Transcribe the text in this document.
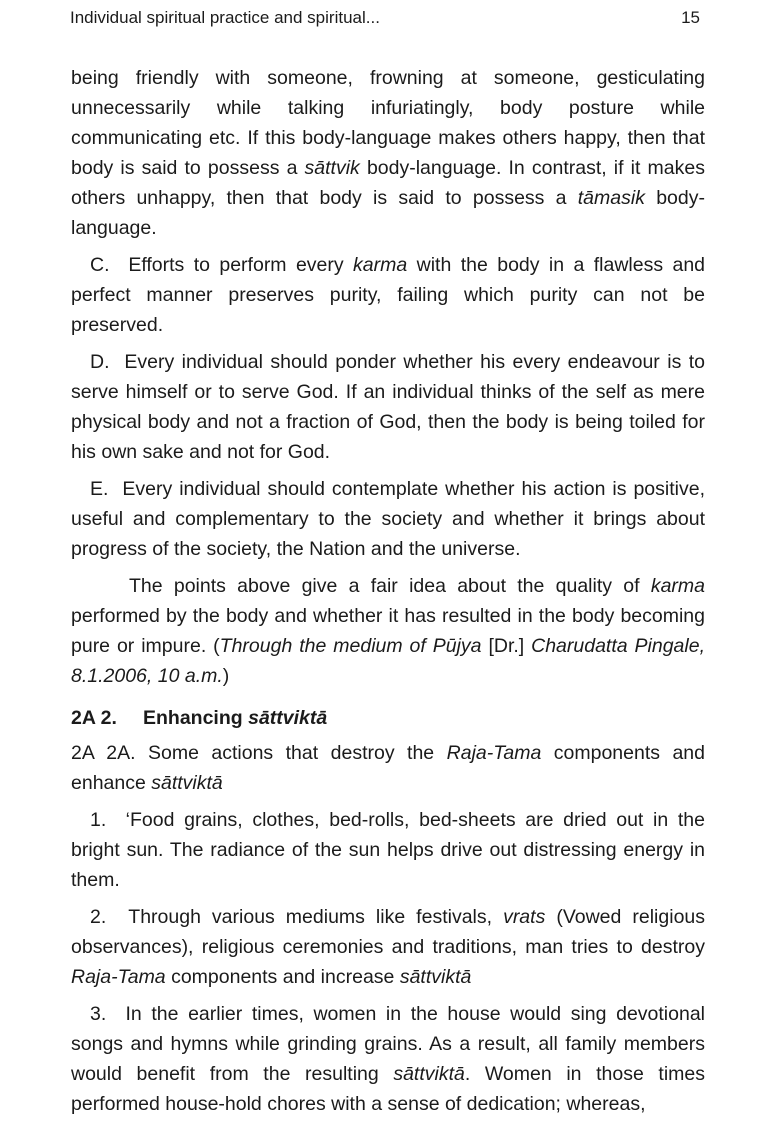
Individual spiritual practice and spiritual...	15

being friendly with someone, frowning at someone, gesticulating unnecessarily while talking infuriatingly, body posture while communicating etc. If this body-language makes others happy, then that body is said to possess a sāttvik body-language. In contrast, if it makes others unhappy, then that body is said to possess a tāmasik body-language.

C. Efforts to perform every karma with the body in a flawless and perfect manner preserves purity, failing which purity can not be preserved.

D. Every individual should ponder whether his every endeavour is to serve himself or to serve God. If an individual thinks of the self as mere physical body and not a fraction of God, then the body is being toiled for his own sake and not for God.

E. Every individual should contemplate whether his action is positive, useful and complementary to the society and whether it brings about progress of the society, the Nation and the universe.

The points above give a fair idea about the quality of karma performed by the body and whether it has resulted in the body becoming pure or impure. (Through the medium of Pūjya [Dr.] Charudatta Pingale, 8.1.2006, 10 a.m.)

2A 2. Enhancing sāttviktā

2A 2A. Some actions that destroy the Raja-Tama components and enhance sāttviktā

1. ‘Food grains, clothes, bed-rolls, bed-sheets are dried out in the bright sun. The radiance of the sun helps drive out distressing energy in them.

2. Through various mediums like festivals, vrats (Vowed religious observances), religious ceremonies and traditions, man tries to destroy Raja-Tama components and increase sāttviktā

3. In the earlier times, women in the house would sing devotional songs and hymns while grinding grains. As a result, all family members would benefit from the resulting sāttviktā. Women in those times performed house-hold chores with a sense of dedication; whereas,
